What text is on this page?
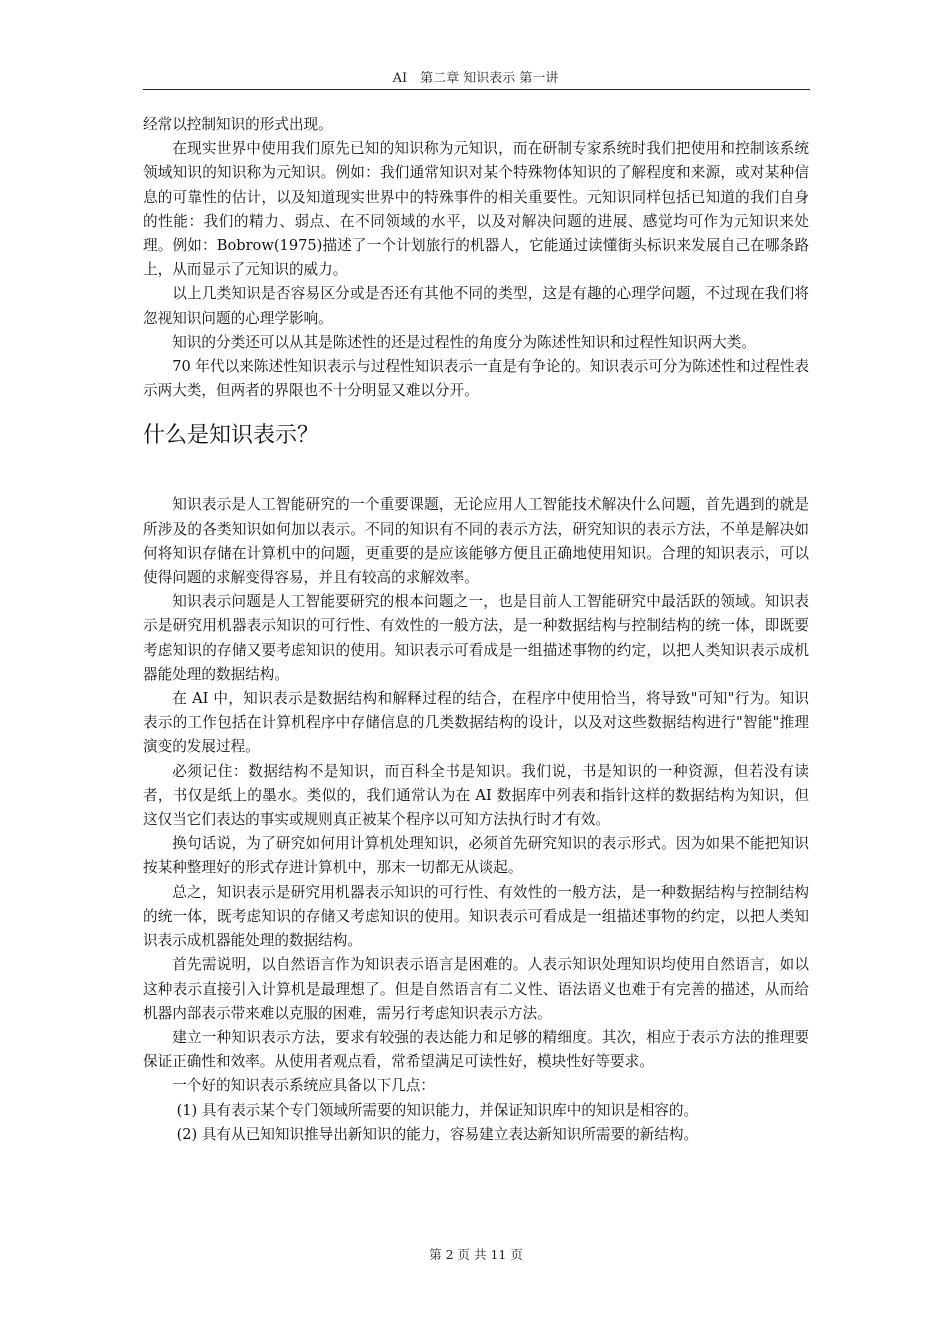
AI　第二章 知识表示 第一讲

经常以控制知识的形式出现。

在现实世界中使用我们原先已知的知识称为元知识，而在研制专家系统时我们把使用和控制该系统领域知识的知识称为元知识。例如：我们通常知识对某个特殊物体知识的了解程度和来源，或对某种信息的可靠性的估计，以及知道现实世界中的特殊事件的相关重要性。元知识同样包括已知道的我们自身的性能：我们的精力、弱点、在不同领域的水平，以及对解决问题的进展、感觉均可作为元知识来处理。例如：Bobrow(1975)描述了一个计划旅行的机器人，它能通过读懂街头标识来发展自己在哪条路上，从而显示了元知识的威力。

以上几类知识是否容易区分或是否还有其他不同的类型，这是有趣的心理学问题，不过现在我们将忽视知识问题的心理学影响。

知识的分类还可以从其是陈述性的还是过程性的角度分为陈述性知识和过程性知识两大类。

70 年代以来陈述性知识表示与过程性知识表示一直是有争论的。知识表示可分为陈述性和过程性表示两大类，但两者的界限也不十分明显又难以分开。

什么是知识表示？

知识表示是人工智能研究的一个重要课题，无论应用人工智能技术解决什么问题，首先遇到的就是所涉及的各类知识如何加以表示。不同的知识有不同的表示方法，研究知识的表示方法，不单是解决如何将知识存储在计算机中的问题，更重要的是应该能够方便且正确地使用知识。合理的知识表示，可以使得问题的求解变得容易，并且有较高的求解效率。

知识表示问题是人工智能要研究的根本问题之一，也是目前人工智能研究中最活跃的领域。知识表示是研究用机器表示知识的可行性、有效性的一般方法，是一种数据结构与控制结构的统一体，即既要考虑知识的存储又要考虑知识的使用。知识表示可看成是一组描述事物的约定，以把人类知识表示成机器能处理的数据结构。

在 AI 中，知识表示是数据结构和解释过程的结合，在程序中使用恰当，将导致"可知"行为。知识表示的工作包括在计算机程序中存储信息的几类数据结构的设计，以及对这些数据结构进行"智能"推理演变的发展过程。

必须记住：数据结构不是知识，而百科全书是知识。我们说，书是知识的一种资源，但若没有读者，书仅是纸上的墨水。类似的，我们通常认为在 AI 数据库中列表和指针这样的数据结构为知识，但这仅当它们表达的事实或规则真正被某个程序以可知方法执行时才有效。

换句话说，为了研究如何用计算机处理知识，必须首先研究知识的表示形式。因为如果不能把知识按某种整理好的形式存进计算机中，那末一切都无从谈起。

总之，知识表示是研究用机器表示知识的可行性、有效性的一般方法，是一种数据结构与控制结构的统一体，既考虑知识的存储又考虑知识的使用。知识表示可看成是一组描述事物的约定，以把人类知识表示成机器能处理的数据结构。

首先需说明，以自然语言作为知识表示语言是困难的。人表示知识处理知识均使用自然语言，如以这种表示直接引入计算机是最理想了。但是自然语言有二义性、语法语义也难于有完善的描述，从而给机器内部表示带来难以克服的困难，需另行考虑知识表示方法。

建立一种知识表示方法，要求有较强的表达能力和足够的精细度。其次，相应于表示方法的推理要保证正确性和效率。从使用者观点看，常希望满足可读性好，模块性好等要求。

一个好的知识表示系统应具备以下几点：

(1) 具有表示某个专门领域所需要的知识能力，并保证知识库中的知识是相容的。

(2) 具有从已知知识推导出新知识的能力，容易建立表达新知识所需要的新结构。

第 2 页 共 11 页
